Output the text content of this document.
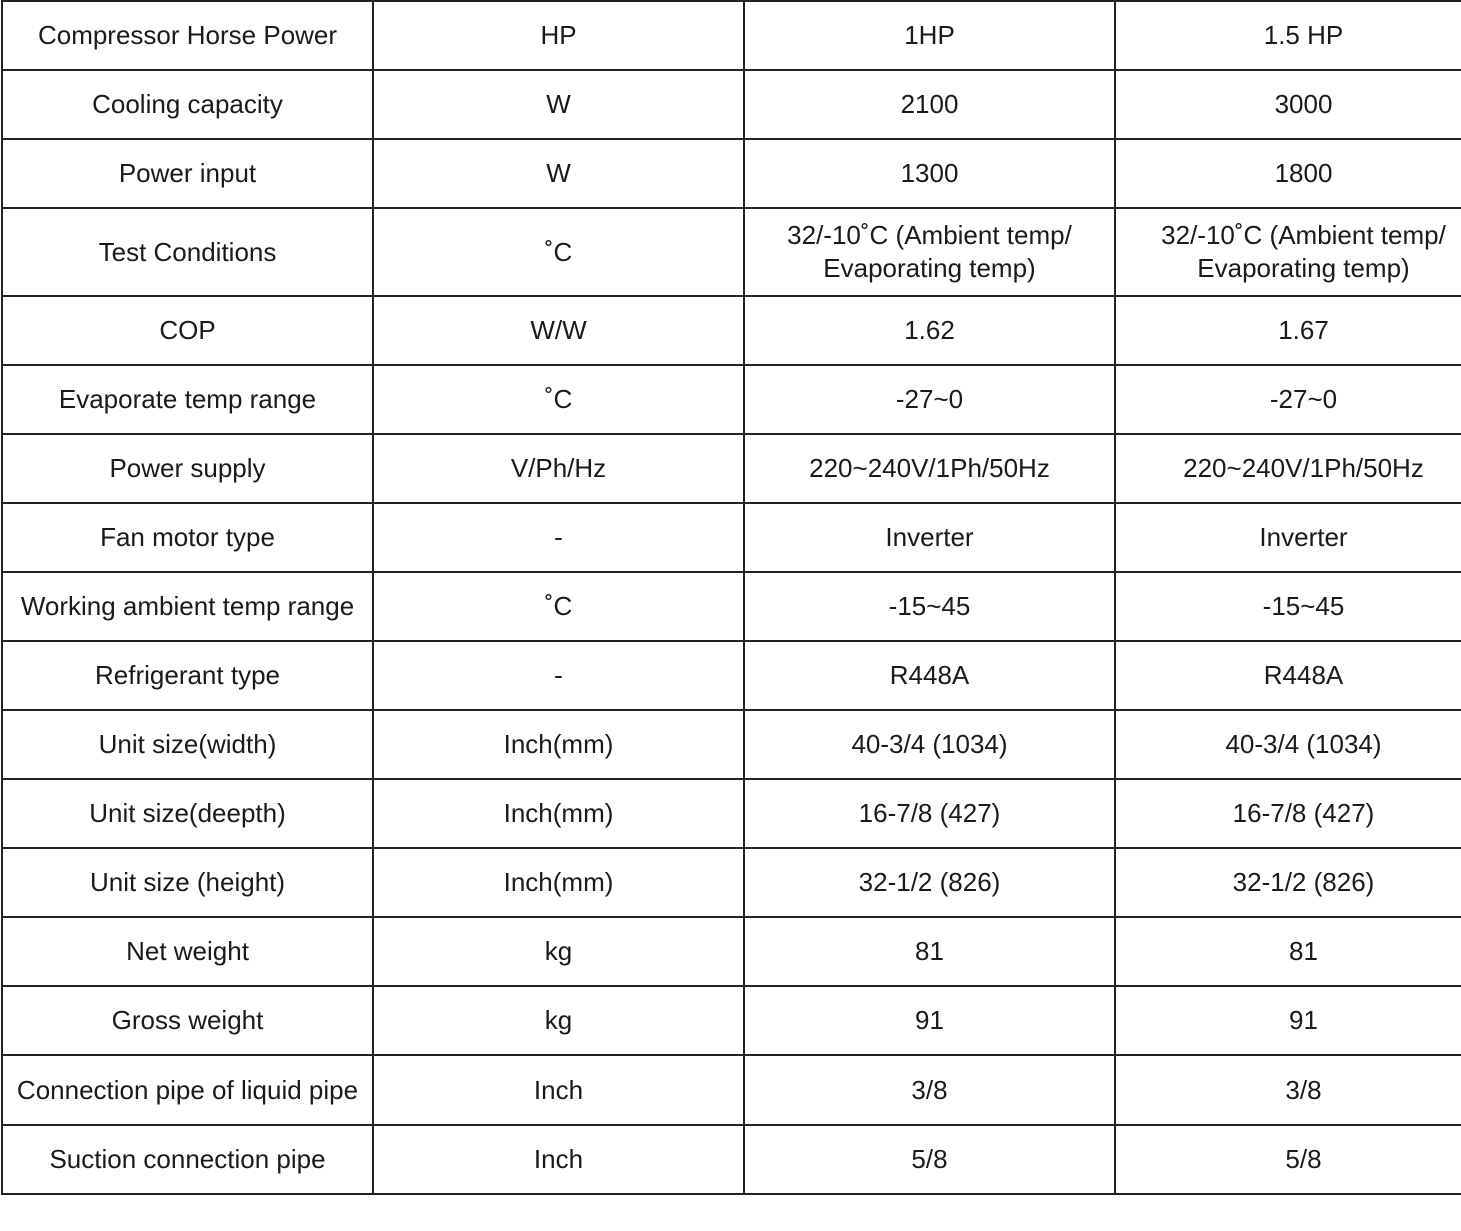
Compressor Horse Power	HP	1HP	1.5 HP
Cooling capacity	W	2100	3000
Power input	W	1300	1800
Test Conditions	˚C	32/-10˚C (Ambient temp/ Evaporating temp)	32/-10˚C (Ambient temp/ Evaporating temp)
COP	W/W	1.62	1.67
Evaporate temp range	˚C	-27~0	-27~0
Power supply	V/Ph/Hz	220~240V/1Ph/50Hz	220~240V/1Ph/50Hz
Fan motor type	-	Inverter	Inverter
Working ambient temp range	˚C	-15~45	-15~45
Refrigerant type	-	R448A	R448A
Unit size(width)	Inch(mm)	40-3/4 (1034)	40-3/4 (1034)
Unit size(deepth)	Inch(mm)	16-7/8 (427)	16-7/8 (427)
Unit size (height)	Inch(mm)	32-1/2 (826)	32-1/2 (826)
Net weight	kg	81	81
Gross weight	kg	91	91
Connection pipe of liquid pipe	Inch	3/8	3/8
Suction connection pipe	Inch	5/8	5/8
